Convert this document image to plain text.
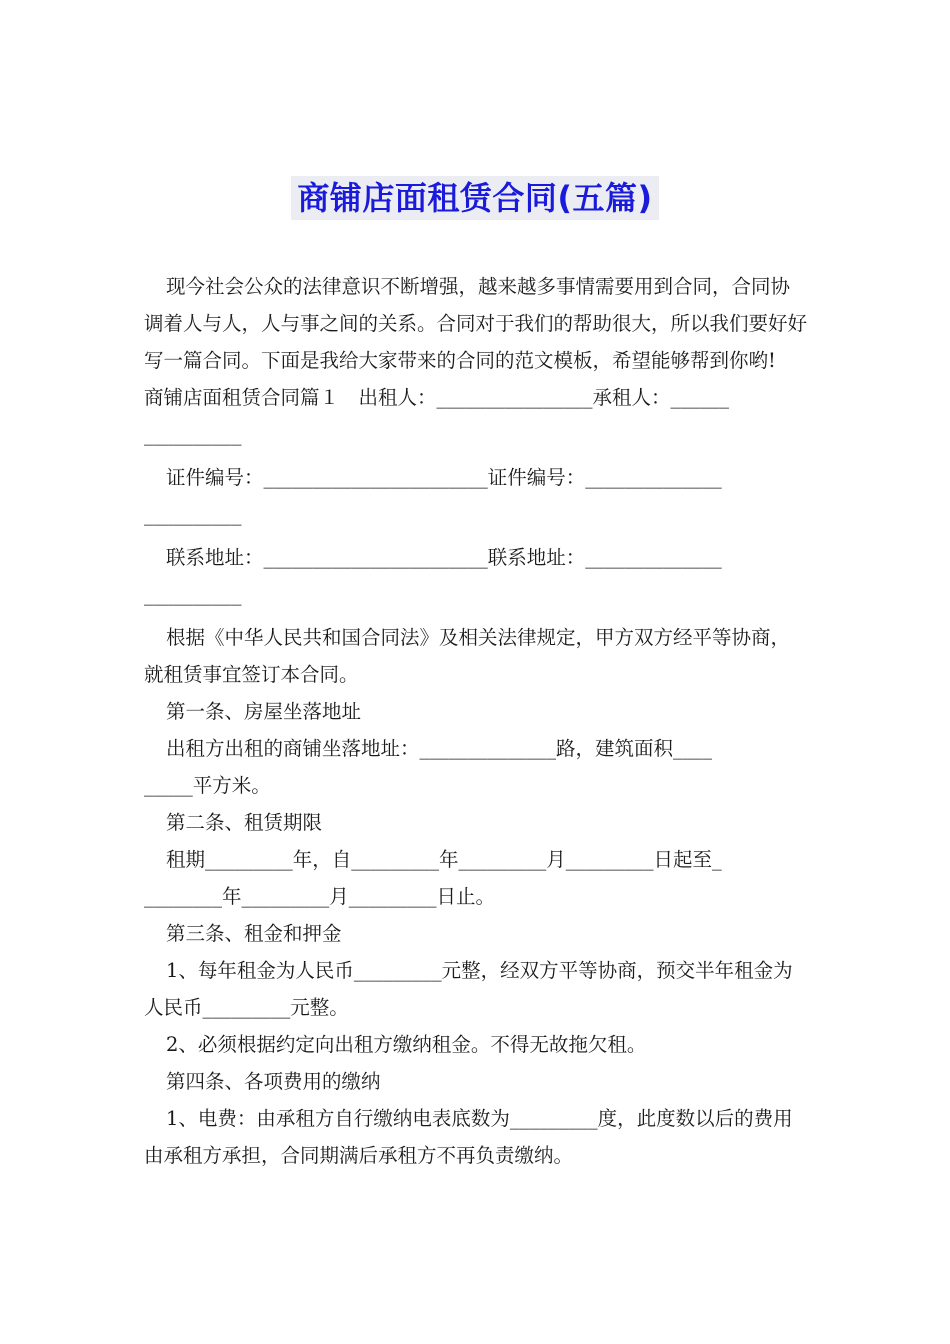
商铺店面租赁合同(五篇)

现今社会公众的法律意识不断增强，越来越多事情需要用到合同，合同协调着人与人，人与事之间的关系。合同对于我们的帮助很大，所以我们要好好写一篇合同。下面是我给大家带来的合同的范文模板，希望能够帮到你哟!

商铺店面租赁合同篇１　出租人：________________承租人：______

__________

证件编号：_______________________证件编号：______________

__________

联系地址：_______________________联系地址：______________

__________

根据《中华人民共和国合同法》及相关法律规定，甲方双方经平等协商，就租赁事宜签订本合同。

第一条、房屋坐落地址

出租方出租的商铺坐落地址：______________路，建筑面积____

_____平方米。

第二条、租赁期限

租期_________年，自_________年_________月_________日起至_

________年_________月_________日止。

第三条、租金和押金

1、每年租金为人民币_________元整，经双方平等协商，预交半年租金为人民币_________元整。

2、必须根据约定向出租方缴纳租金。不得无故拖欠租。

第四条、各项费用的缴纳

1、电费：由承租方自行缴纳电表底数为_________度，此度数以后的费用由承租方承担，合同期满后承租方不再负责缴纳。
